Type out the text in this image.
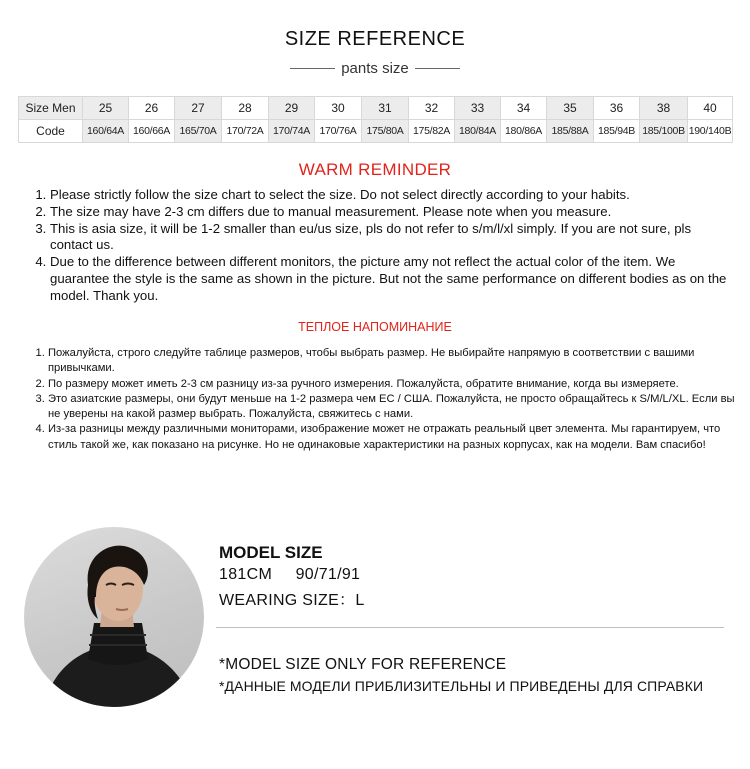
SIZE REFERENCE
pants size
Size Men	25	26	27	28	29	30	31	32	33	34	35	36	38	40
Code	160/64A	160/66A	165/70A	170/72A	170/74A	170/76A	175/80A	175/82A	180/84A	180/86A	185/88A	185/94B	185/100B	190/140B
WARM REMINDER
1. Please strictly follow the size chart to select the size. Do not select directly according to your habits.
2. The size may have 2-3 cm differs due to manual measurement. Please note when you measure.
3. This is asia size, it will be 1-2 smaller than eu/us size, pls do not refer to s/m/l/xl simply. If you are not sure, pls contact us.
4. Due to the difference between different monitors, the picture amy not reflect the actual color of the item. We guarantee the style is the same as shown in the picture. But not the same performance on different bodies as on the model. Thank you.
ТЕПЛОЕ НАПОМИНАНИЕ
1. Пожалуйста, строго следуйте таблице размеров, чтобы выбрать размер. Не выбирайте напрямую в соответствии с вашими привычками.
2. По размеру может иметь 2-3 см разницу из-за ручного измерения. Пожалуйста, обратите внимание, когда вы измеряете.
3. Это азиатские размеры, они будут меньше на 1-2 размера чем ЕС / США. Пожалуйста, не просто обращайтесь к S/M/L/XL. Если вы не уверены на какой размер выбрать. Пожалуйста, свяжитесь с нами.
4. Из-за разницы между различными мониторами, изображение может не отражать реальный цвет элемента. Мы гарантируем, что стиль такой же, как показано на рисунке. Но не одинаковые характеристики на разных корпусах, как на модели. Вам спасибо!
MODEL SIZE
181CM 90/71/91
WEARING SIZE：L
*MODEL SIZE ONLY FOR REFERENCE
*ДАННЫЕ МОДЕЛИ ПРИБЛИЗИТЕЛЬНЫ И ПРИВЕДЕНЫ ДЛЯ СПРАВКИ
